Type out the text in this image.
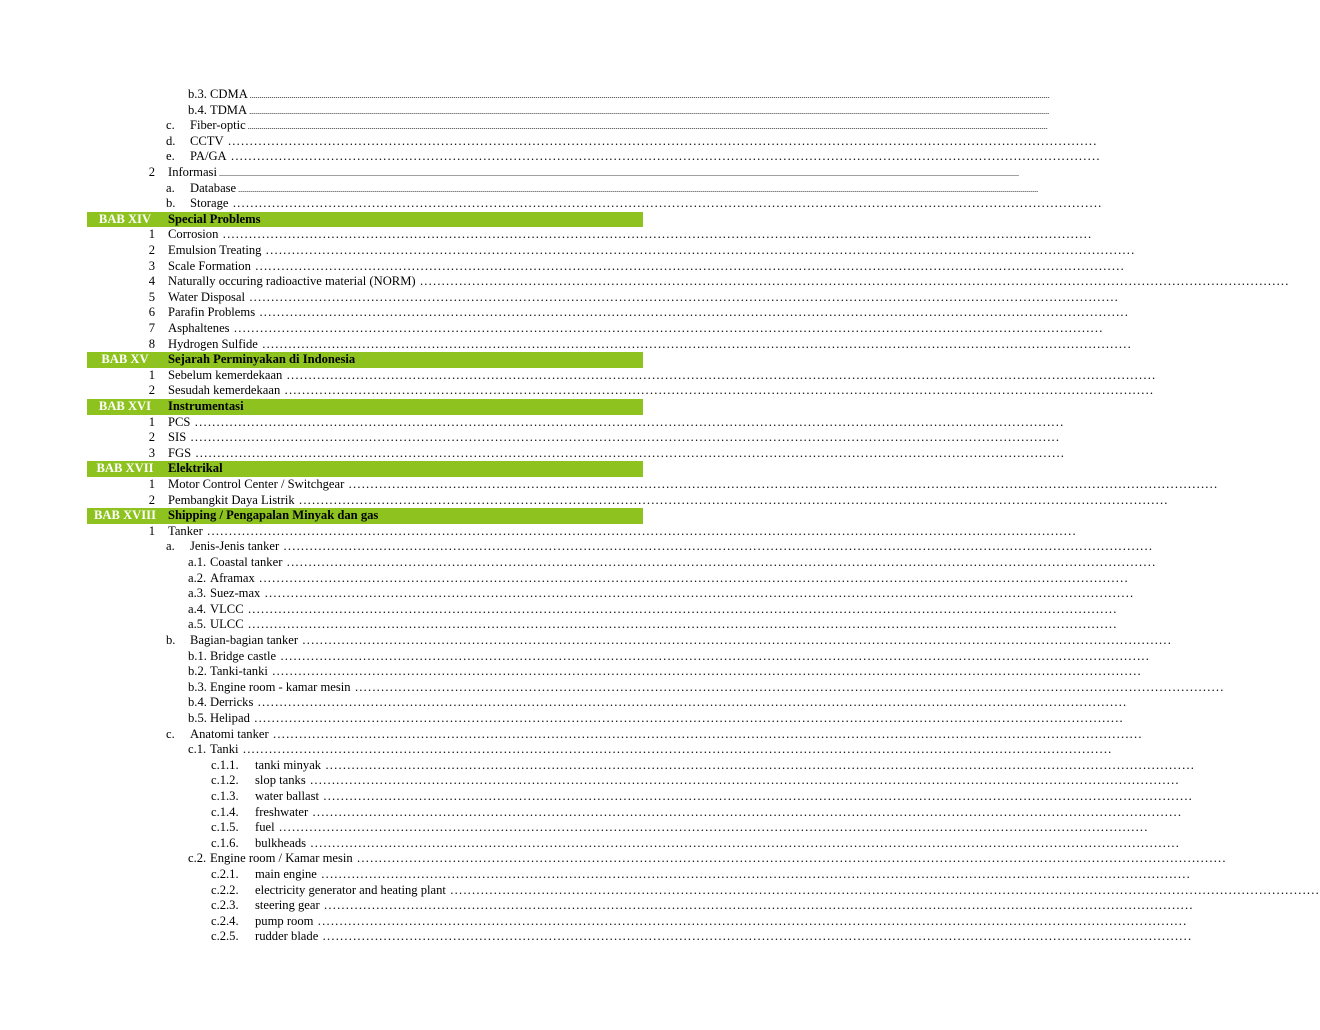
b.3. CDMA ................................................................................................................................................................................................................................................................................................................................................................................................................
b.4. TDMA ................................................................................................................................................................................................................................................................................................................................................................................................................
c. Fiber-optic ................................................................................................................................................................................................................................................................................................................................................................................................................
d. CCTV ........................................................................................................................................................................................................
e. PA/GA ........................................................................................................................................................................................................
2 Informasi ................................................................................................................................................................................................................................................................................................................................................................................................................
a. Database ................................................................................................................................................................................................................................................................................................................................................................................................................
b. Storage ........................................................................................................................................................................................................
BAB XIV	Special Problems
1 Corrosion ........................................................................................................................................................................................................
2 Emulsion Treating ........................................................................................................................................................................................................
3 Scale Formation ........................................................................................................................................................................................................
4 Naturally occuring radioactive material (NORM) ........................................................................................................................................................................................................
5 Water Disposal ........................................................................................................................................................................................................
6 Parafin Problems ........................................................................................................................................................................................................
7 Asphaltenes ........................................................................................................................................................................................................
8 Hydrogen Sulfide ........................................................................................................................................................................................................
BAB XV	Sejarah Perminyakan di Indonesia
1 Sebelum kemerdekaan ........................................................................................................................................................................................................
2 Sesudah kemerdekaan ........................................................................................................................................................................................................
BAB XVI	Instrumentasi
1 PCS ........................................................................................................................................................................................................
2 SIS ........................................................................................................................................................................................................
3 FGS ........................................................................................................................................................................................................
BAB XVII	Elektrikal
1 Motor Control Center / Switchgear ........................................................................................................................................................................................................
2 Pembangkit Daya Listrik ........................................................................................................................................................................................................
BAB XVIII Shipping / Pengapalan Minyak dan gas
1 Tanker ........................................................................................................................................................................................................
a. Jenis-Jenis tanker ........................................................................................................................................................................................................
a.1. Coastal tanker ........................................................................................................................................................................................................
a.2. Aframax ........................................................................................................................................................................................................
a.3. Suez-max ........................................................................................................................................................................................................
a.4. VLCC ........................................................................................................................................................................................................
a.5. ULCC ........................................................................................................................................................................................................
b. Bagian-bagian tanker ........................................................................................................................................................................................................
b.1. Bridge castle ........................................................................................................................................................................................................
b.2. Tanki-tanki ........................................................................................................................................................................................................
b.3. Engine room - kamar mesin ........................................................................................................................................................................................................
b.4. Derricks ........................................................................................................................................................................................................
b.5. Helipad ........................................................................................................................................................................................................
c. Anatomi tanker ........................................................................................................................................................................................................
c.1. Tanki ........................................................................................................................................................................................................
c.1.1. tanki minyak ........................................................................................................................................................................................................
c.1.2. slop tanks ........................................................................................................................................................................................................
c.1.3. water ballast ........................................................................................................................................................................................................
c.1.4. freshwater ........................................................................................................................................................................................................
c.1.5. fuel ........................................................................................................................................................................................................
c.1.6. bulkheads ........................................................................................................................................................................................................
c.2. Engine room / Kamar mesin ........................................................................................................................................................................................................
c.2.1. main engine ........................................................................................................................................................................................................
c.2.2. electricity generator and heating plant ........................................................................................................................................................................................................
c.2.3. steering gear ........................................................................................................................................................................................................
c.2.4. pump room ........................................................................................................................................................................................................
c.2.5. rudder blade ........................................................................................................................................................................................................
